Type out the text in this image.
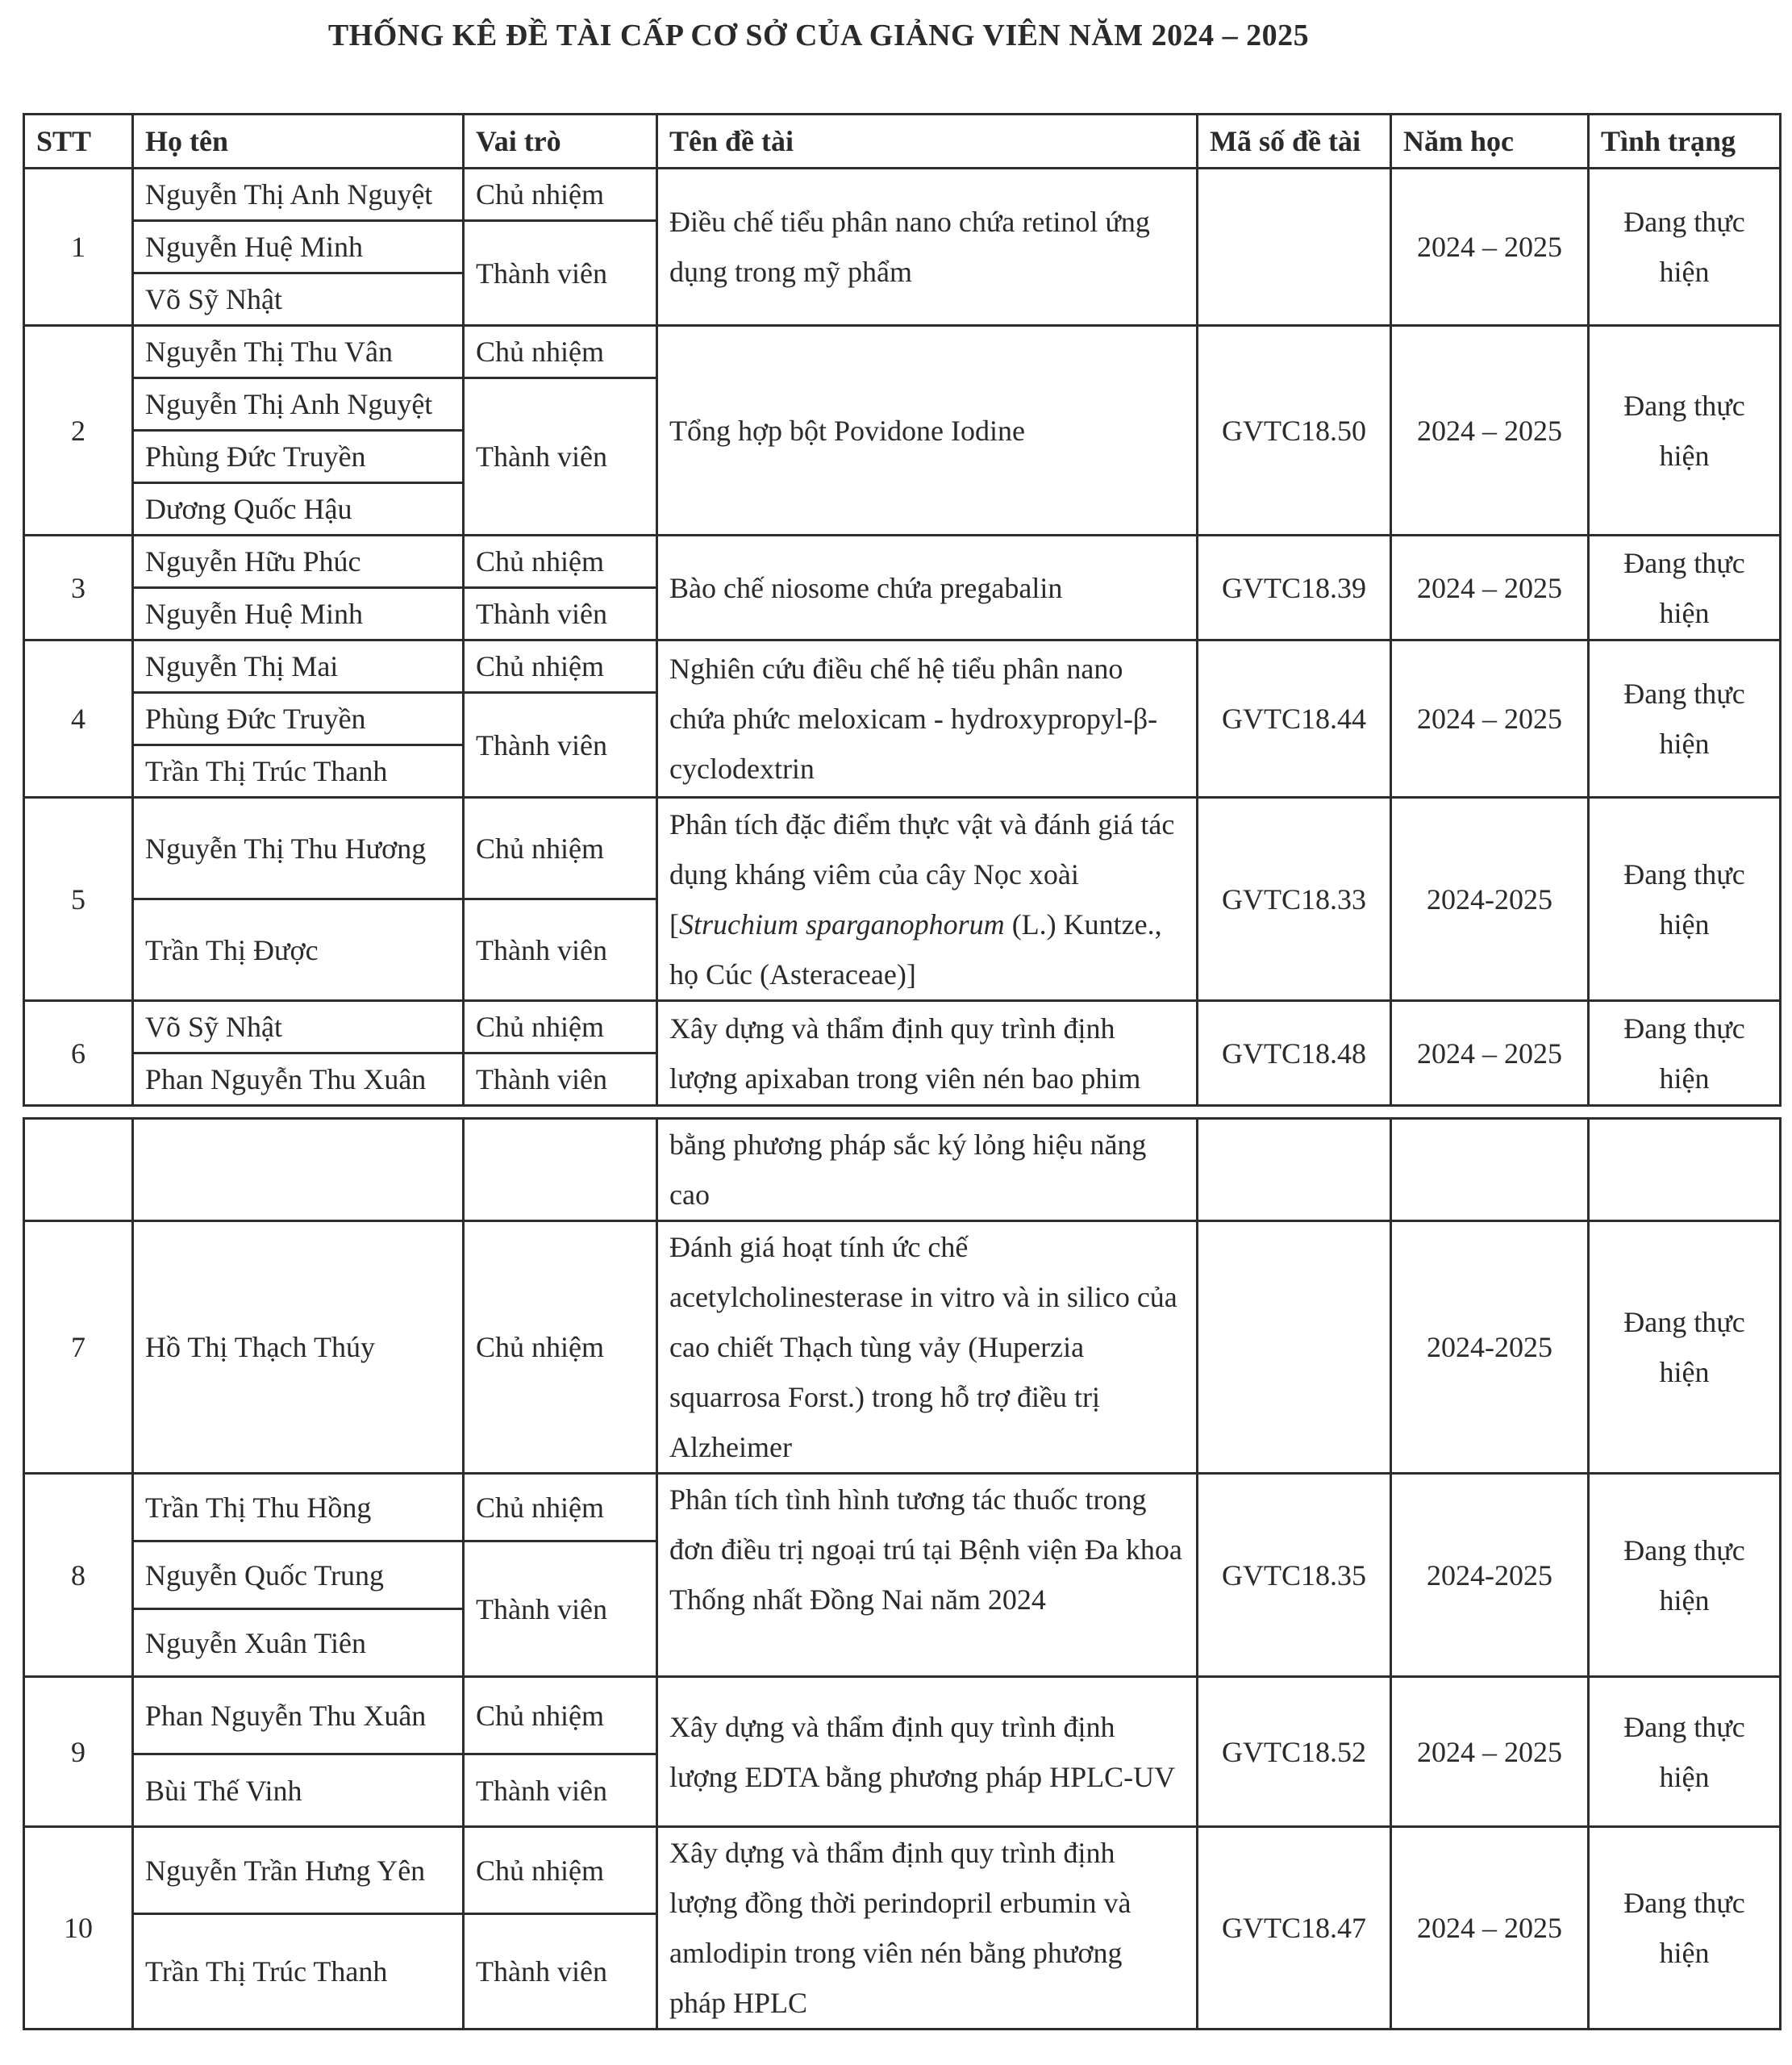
THỐNG KÊ ĐỀ TÀI CẤP CƠ SỞ CỦA GIẢNG VIÊN NĂM 2024 – 2025
STT	Họ tên	Vai trò	Tên đề tài	Mã số đề tài	Năm học	Tình trạng
1	Nguyễn Thị Anh Nguyệt	Chủ nhiệm	Điều chế tiểu phân nano chứa retinol ứng dụng trong mỹ phẩm		2024 – 2025	Đang thực hiện
	Nguyễn Huệ Minh	Thành viên				
	Võ Sỹ Nhật					
2	Nguyễn Thị Thu Vân	Chủ nhiệm	Tổng hợp bột Povidone Iodine	GVTC18.50	2024 – 2025	Đang thực hiện
	Nguyễn Thị Anh Nguyệt	Thành viên				
	Phùng Đức Truyền					
	Dương Quốc Hậu					
3	Nguyễn Hữu Phúc	Chủ nhiệm	Bào chế niosome chứa pregabalin	GVTC18.39	2024 – 2025	Đang thực hiện
	Nguyễn Huệ Minh	Thành viên				
4	Nguyễn Thị Mai	Chủ nhiệm	Nghiên cứu điều chế hệ tiểu phân nano chứa phức meloxicam - hydroxypropyl-β-cyclodextrin	GVTC18.44	2024 – 2025	Đang thực hiện
	Phùng Đức Truyền	Thành viên				
	Trần Thị Trúc Thanh					
5	Nguyễn Thị Thu Hương	Chủ nhiệm	Phân tích đặc điểm thực vật và đánh giá tác dụng kháng viêm của cây Nọc xoài [Struchium sparganophorum (L.) Kuntze., họ Cúc (Asteraceae)]	GVTC18.33	2024-2025	Đang thực hiện
	Trần Thị Được	Thành viên				
6	Võ Sỹ Nhật	Chủ nhiệm	Xây dựng và thẩm định quy trình định lượng apixaban trong viên nén bao phim	GVTC18.48	2024 – 2025	Đang thực hiện
	Phan Nguyễn Thu Xuân	Thành viên				
			bằng phương pháp sắc ký lỏng hiệu năng cao			
7	Hồ Thị Thạch Thúy	Chủ nhiệm	Đánh giá hoạt tính ức chế acetylcholinesterase in vitro và in silico của cao chiết Thạch tùng vảy (Huperzia squarrosa Forst.) trong hỗ trợ điều trị Alzheimer		2024-2025	Đang thực hiện
8	Trần Thị Thu Hồng	Chủ nhiệm	Phân tích tình hình tương tác thuốc trong đơn điều trị ngoại trú tại Bệnh viện Đa khoa Thống nhất Đồng Nai năm 2024	GVTC18.35	2024-2025	Đang thực hiện
	Nguyễn Quốc Trung	Thành viên				
	Nguyễn Xuân Tiên					
9	Phan Nguyễn Thu Xuân	Chủ nhiệm	Xây dựng và thẩm định quy trình định lượng EDTA bằng phương pháp HPLC-UV	GVTC18.52	2024 – 2025	Đang thực hiện
	Bùi Thế Vinh	Thành viên				
10	Nguyễn Trần Hưng Yên	Chủ nhiệm	Xây dựng và thẩm định quy trình định lượng đồng thời perindopril erbumin và amlodipin trong viên nén bằng phương pháp HPLC	GVTC18.47	2024 – 2025	Đang thực hiện
	Trần Thị Trúc Thanh	Thành viên				
